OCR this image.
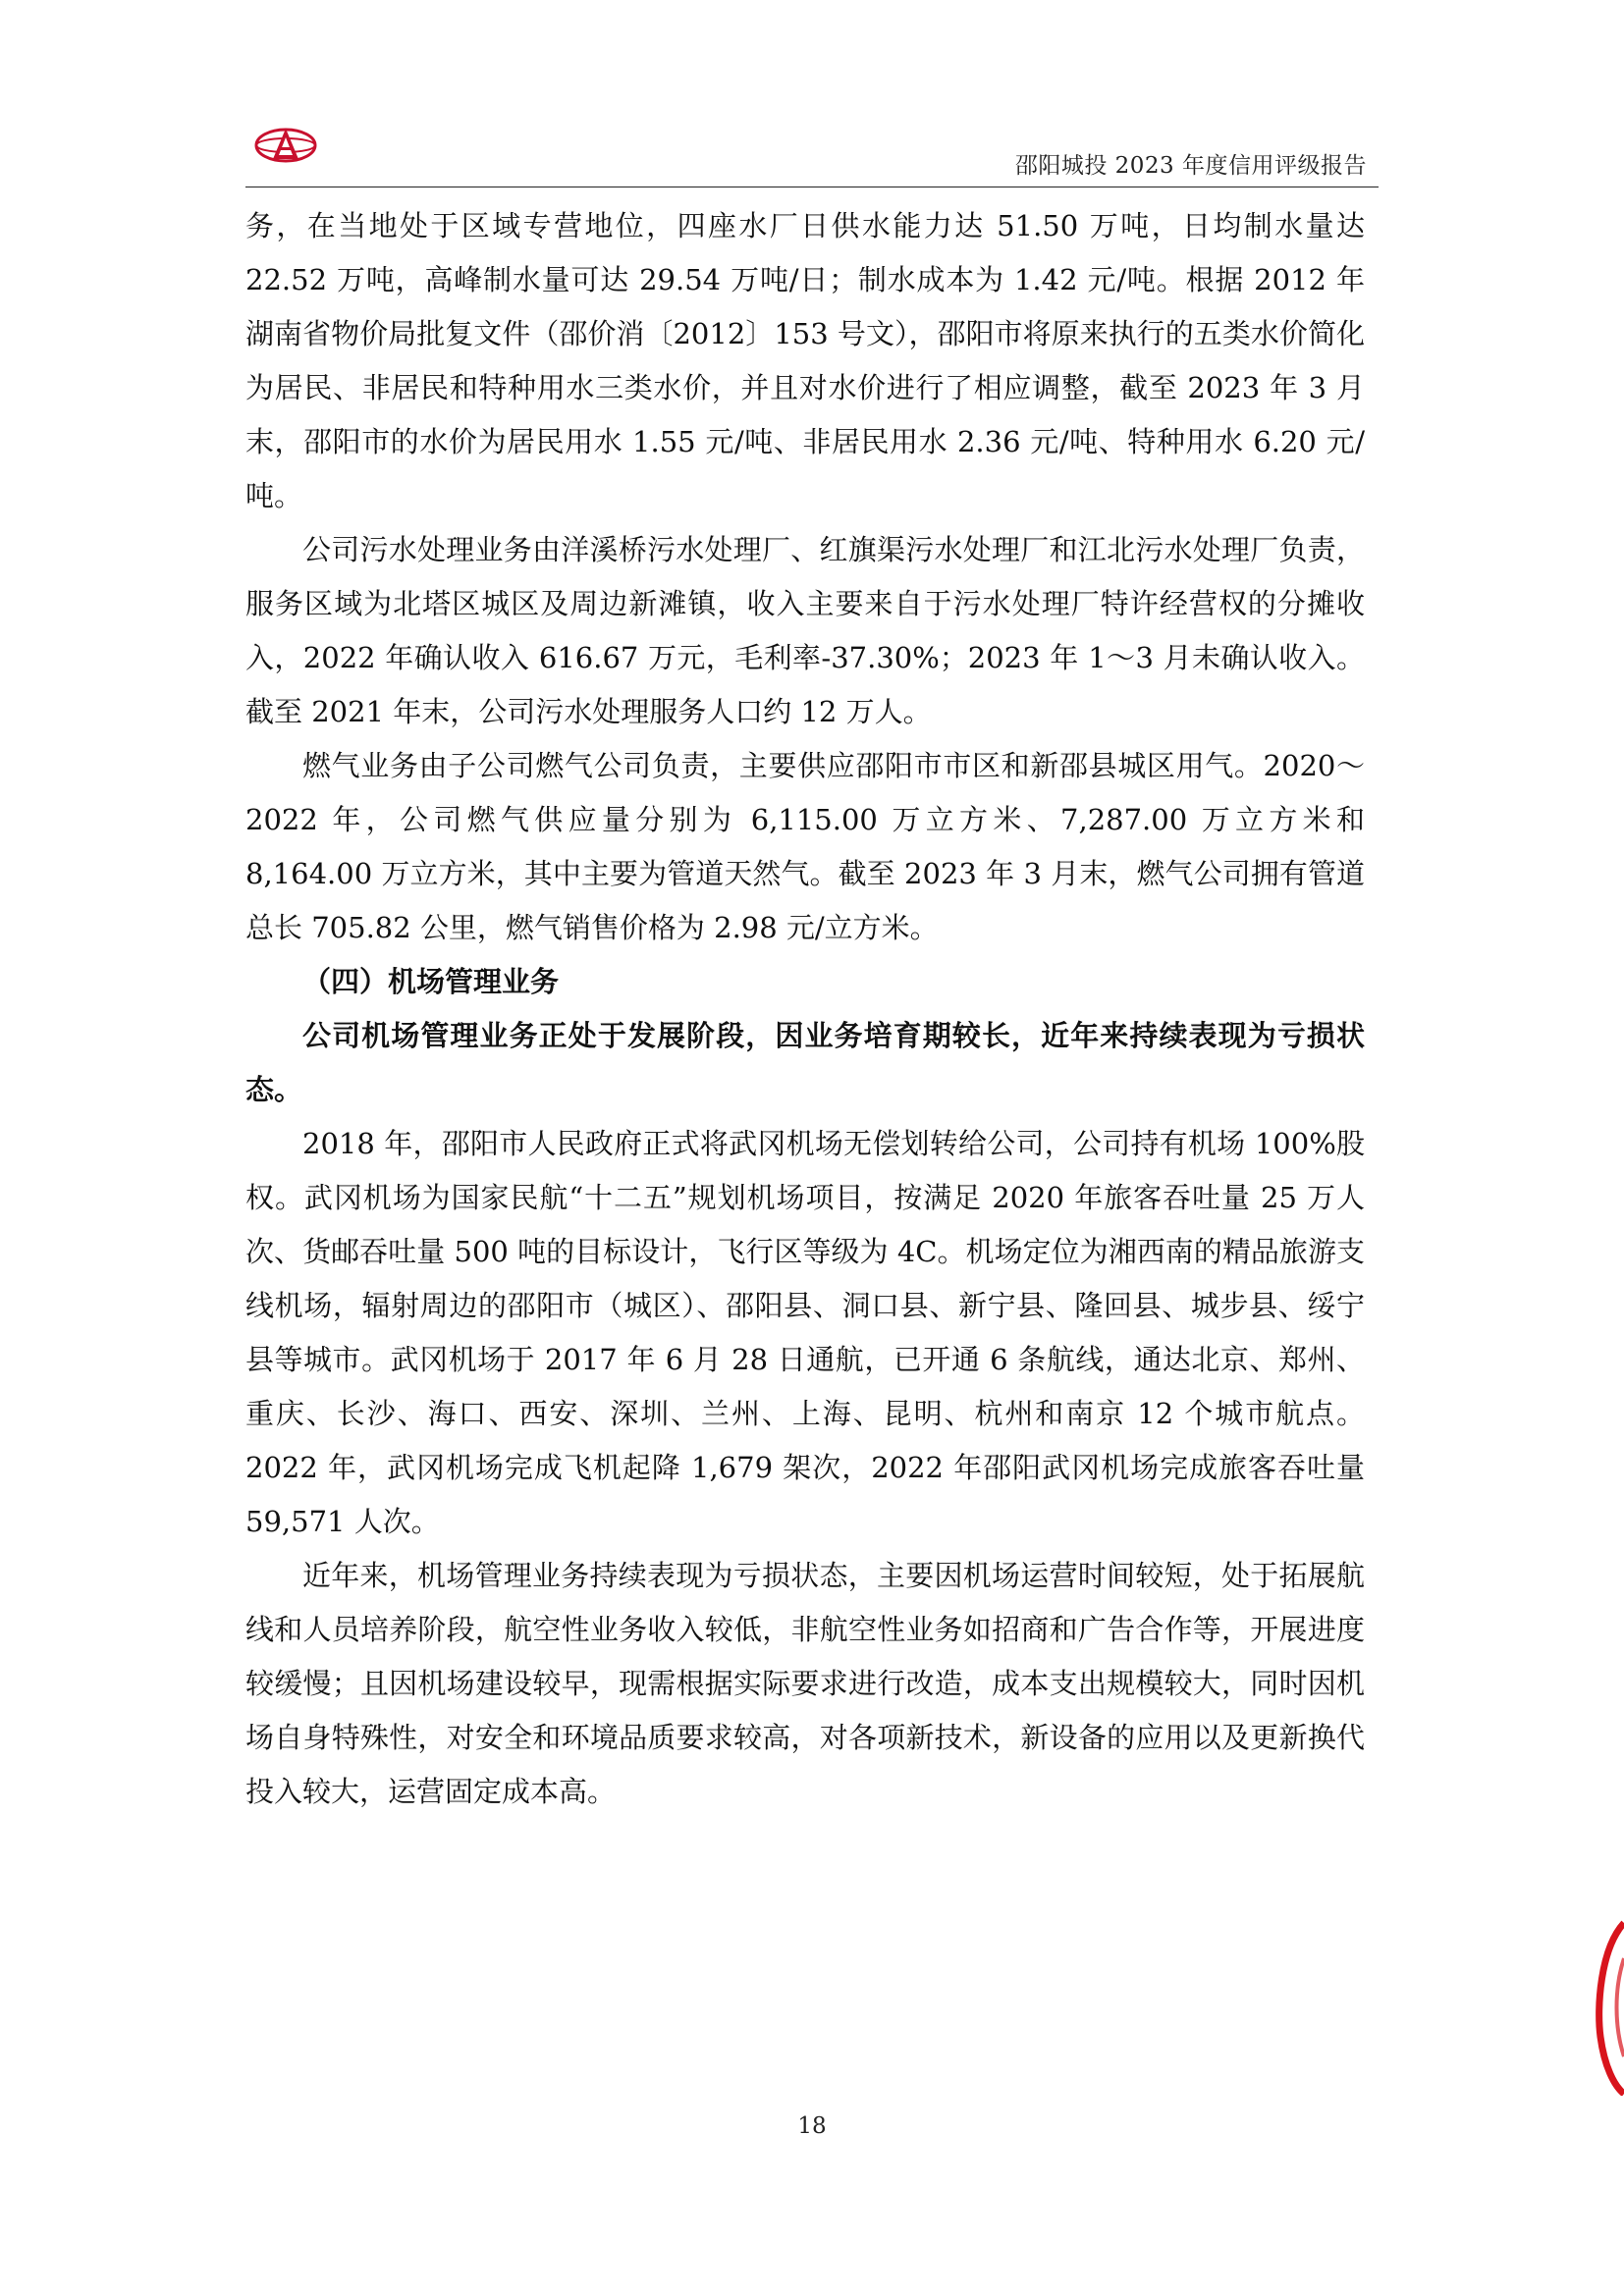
邵阳城投 2023 年度信用评级报告

务，在当地处于区域专营地位，四座水厂日供水能力达 51.50 万吨，日均制水量达 22.52 万吨，高峰制水量可达 29.54 万吨/日；制水成本为 1.42 元/吨。根据 2012 年湖南省物价局批复文件（邵价消〔2012〕153 号文），邵阳市将原来执行的五类水价简化为居民、非居民和特种用水三类水价，并且对水价进行了相应调整，截至 2023 年 3 月末，邵阳市的水价为居民用水 1.55 元/吨、非居民用水 2.36 元/吨、特种用水 6.20 元/吨。

公司污水处理业务由洋溪桥污水处理厂、红旗渠污水处理厂和江北污水处理厂负责，服务区域为北塔区城区及周边新滩镇，收入主要来自于污水处理厂特许经营权的分摊收入，2022 年确认收入 616.67 万元，毛利率-37.30%；2023 年 1～3 月未确认收入。截至 2021 年末，公司污水处理服务人口约 12 万人。

燃气业务由子公司燃气公司负责，主要供应邵阳市市区和新邵县城区用气。2020～2022 年，公司燃气供应量分别为 6,115.00 万立方米、7,287.00 万立方米和 8,164.00 万立方米，其中主要为管道天然气。截至 2023 年 3 月末，燃气公司拥有管道总长 705.82 公里，燃气销售价格为 2.98 元/立方米。

（四）机场管理业务

公司机场管理业务正处于发展阶段，因业务培育期较长，近年来持续表现为亏损状态。

2018 年，邵阳市人民政府正式将武冈机场无偿划转给公司，公司持有机场 100%股权。武冈机场为国家民航“十二五”规划机场项目，按满足 2020 年旅客吞吐量 25 万人次、货邮吞吐量 500 吨的目标设计，飞行区等级为 4C。机场定位为湘西南的精品旅游支线机场，辐射周边的邵阳市（城区）、邵阳县、洞口县、新宁县、隆回县、城步县、绥宁县等城市。武冈机场于 2017 年 6 月 28 日通航，已开通 6 条航线，通达北京、郑州、重庆、长沙、海口、西安、深圳、兰州、上海、昆明、杭州和南京 12 个城市航点。2022 年，武冈机场完成飞机起降 1,679 架次，2022 年邵阳武冈机场完成旅客吞吐量 59,571 人次。

近年来，机场管理业务持续表现为亏损状态，主要因机场运营时间较短，处于拓展航线和人员培养阶段，航空性业务收入较低，非航空性业务如招商和广告合作等，开展进度较缓慢；且因机场建设较早，现需根据实际要求进行改造，成本支出规模较大，同时因机场自身特殊性，对安全和环境品质要求较高，对各项新技术，新设备的应用以及更新换代投入较大，运营固定成本高。

18
